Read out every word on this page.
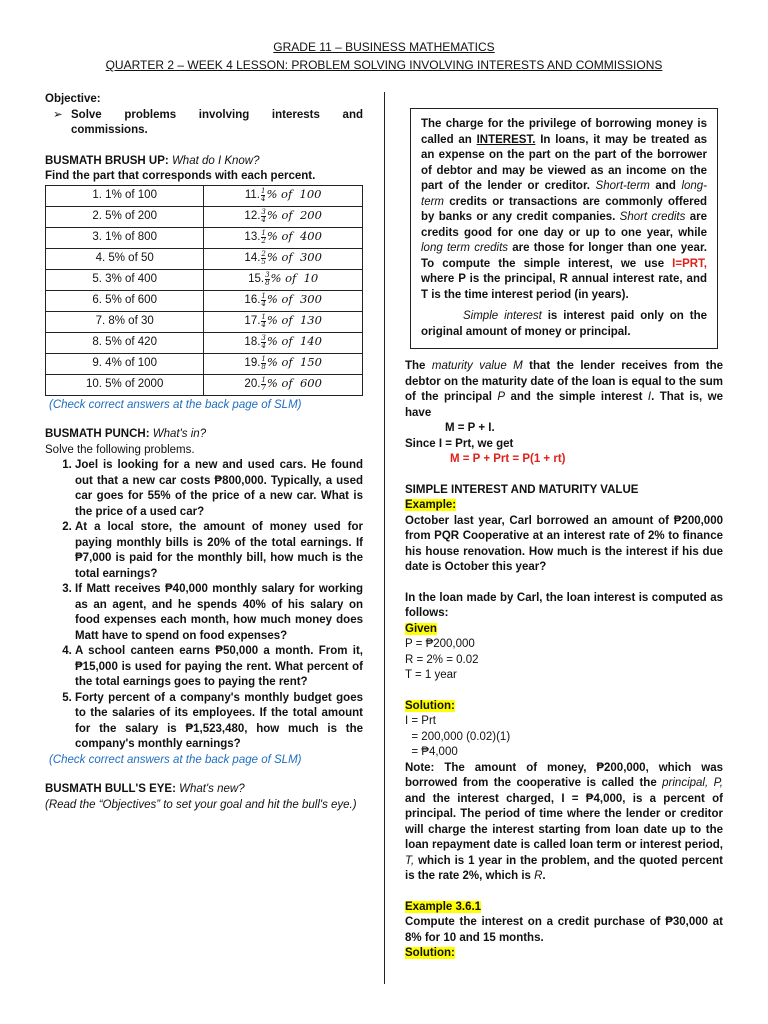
GRADE 11 – BUSINESS MATHEMATICS
QUARTER 2 – WEEK 4 LESSON: PROBLEM SOLVING INVOLVING INTERESTS AND COMMISSIONS

Objective:

➢ Solve problems involving interests and commissions.

BUSMATH BRUSH UP: What do I Know?

Find the part that corresponds with each percent.

1. 1% of 100	11. $\frac{1}{4}$ % of  100
2. 5% of 200	12. $\frac{3}{4}$ % of  200
3. 1% of 800	13. $\frac{1}{2}$ % of  400
4. 5% of 50	14. $\frac{2}{5}$ % of  300
5. 3% of 400	15. $\frac{3}{8}$ % of  10
6. 5% of 600	16. $\frac{1}{4}$ % of  300
7. 8% of 30	17. $\frac{1}{4}$ % of  130
8. 5% of 420	18. $\frac{3}{4}$ % of  140
9. 4% of 100	19. $\frac{1}{8}$ % of  150
10. 5% of 2000	20. $\frac{1}{7}$ % of  600

(Check correct answers at the back page of SLM)

BUSMATH PUNCH: What's in?

Solve the following problems.

1. Joel is looking for a new and used cars. He found out that a new car costs ₱800,000. Typically, a used car goes for 55% of the price of a new car. What is the price of a used car?
2. At a local store, the amount of money used for paying monthly bills is 20% of the total earnings. If ₱7,000 is paid for the monthly bill, how much is the total earnings?
3. If Matt receives ₱40,000 monthly salary for working as an agent, and he spends 40% of his salary on food expenses each month, how much money does Matt have to spend on food expenses?
4. A school canteen earns ₱50,000 a month. From it, ₱15,000 is used for paying the rent. What percent of the total earnings goes to paying the rent?
5. Forty percent of a company's monthly budget goes to the salaries of its employees. If the total amount for the salary is ₱1,523,480, how much is the company's monthly earnings?

(Check correct answers at the back page of SLM)

BUSMATH BULL'S EYE: What's new?

(Read the “Objectives” to set your goal and hit the bull's eye.)

The charge for the privilege of borrowing money is called an INTEREST. In loans, it may be treated as an expense on the part on the part of the borrower of debtor and may be viewed as an income on the part of the lender or creditor. Short-term and long-term credits or transactions are commonly offered by banks or any credit companies. Short credits are credits good for one day or up to one year, while long term credits are those for longer than one year. To compute the simple interest, we use I=PRT, where P is the principal, R annual interest rate, and T is the time interest period (in years).

Simple interest is interest paid only on the original amount of money or principal.

The maturity value M that the lender receives from the debtor on the maturity date of the loan is equal to the sum of the principal P and the simple interest I. That is, we have

M = P + I.

Since I = Prt, we get

M = P + Prt = P(1 + rt)

SIMPLE INTEREST AND MATURITY VALUE

Example:

October last year, Carl borrowed an amount of ₱200,000 from PQR Cooperative at an interest rate of 2% to finance his house renovation. How much is the interest if his due date is October this year?

In the loan made by Carl, the loan interest is computed as follows:

Given

P = ₱200,000

R = 2% = 0.02

T = 1 year

Solution:

I = Prt

= 200,000 (0.02)(1)

= ₱4,000

Note: The amount of money, ₱200,000, which was borrowed from the cooperative is called the principal, P, and the interest charged, I = ₱4,000, is a percent of principal. The period of time where the lender or creditor will charge the interest starting from loan date up to the loan repayment date is called loan term or interest period, T, which is 1 year in the problem, and the quoted percent is the rate 2%, which is R.

Example 3.6.1

Compute the interest on a credit purchase of ₱30,000 at 8% for 10 and 15 months.

Solution:
